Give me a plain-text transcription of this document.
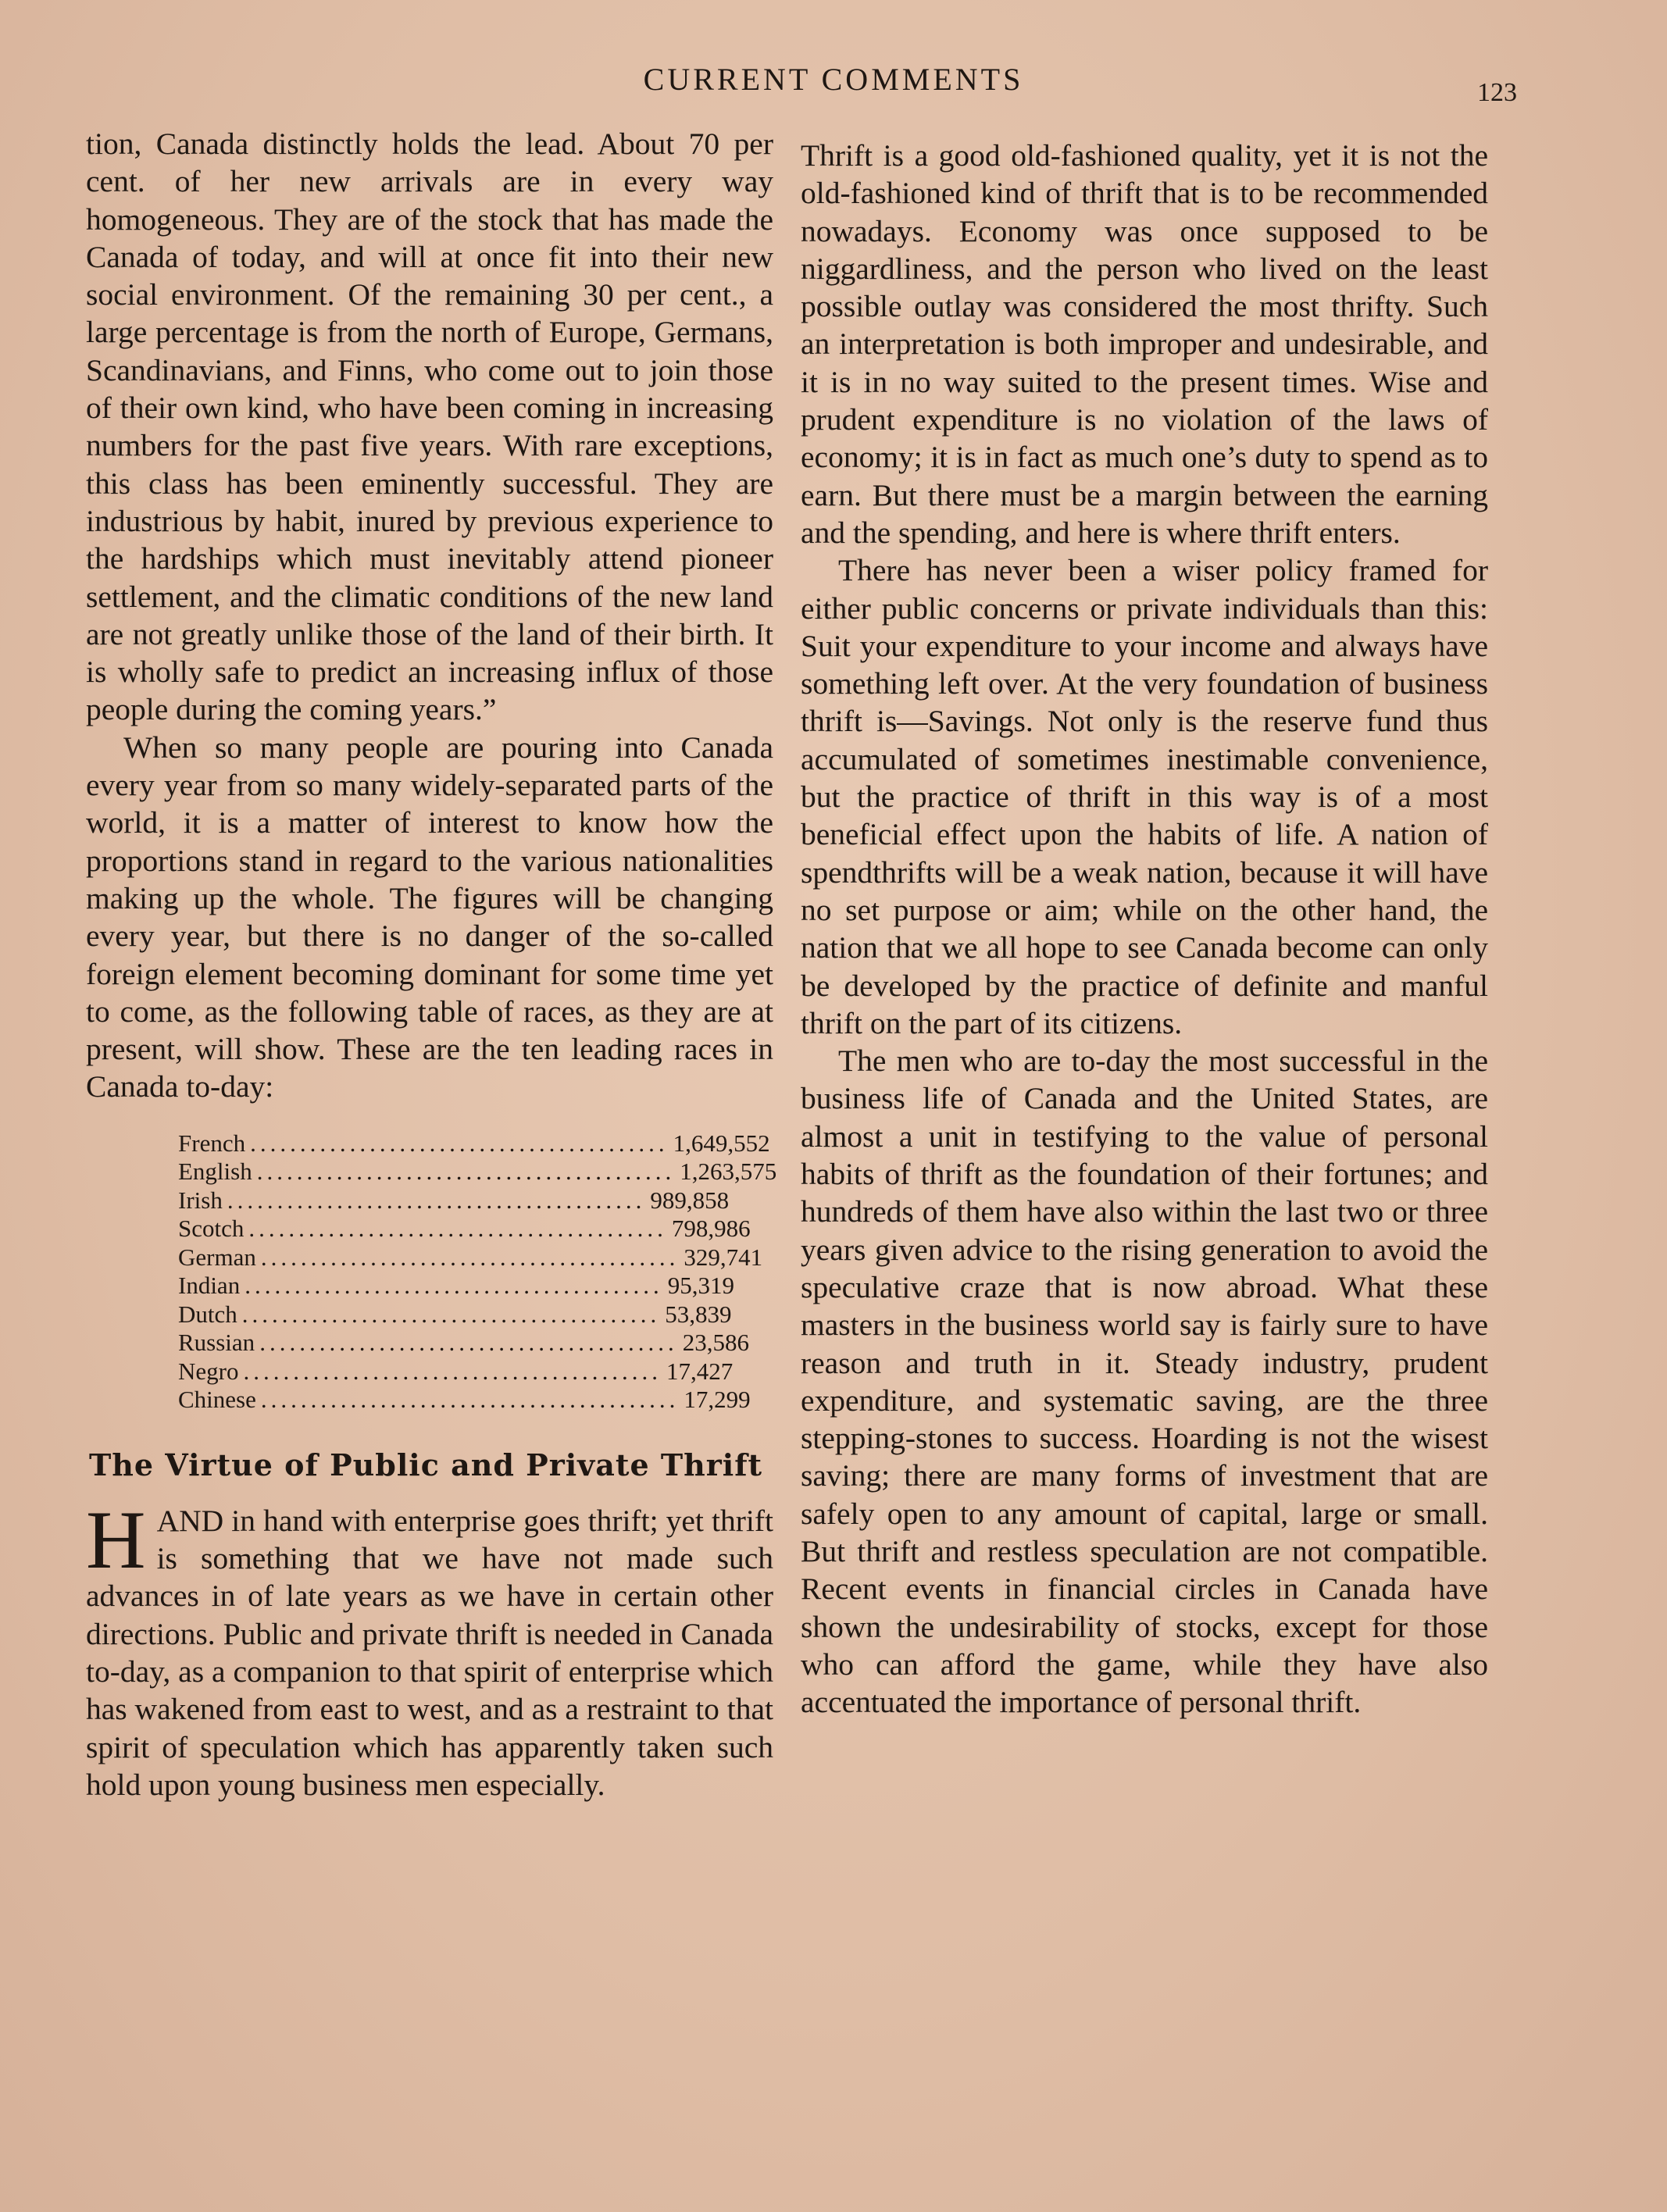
CURRENT COMMENTS	123

tion, Canada distinctly holds the lead. About 70 per cent. of her new arrivals are in every way homogeneous. They are of the stock that has made the Canada of today, and will at once fit into their new social environment. Of the remaining 30 per cent., a large percentage is from the north of Europe, Germans, Scandinavians, and Finns, who come out to join those of their own kind, who have been coming in increasing numbers for the past five years. With rare exceptions, this class has been eminently successful. They are industrious by habit, inured by previous experience to the hardships which must inevitably attend pioneer settlement, and the climatic conditions of the new land are not greatly unlike those of the land of their birth. It is wholly safe to predict an increasing influx of those people during the coming years.”

When so many people are pouring into Canada every year from so many widely-separated parts of the world, it is a matter of interest to know how the proportions stand in regard to the various nationalities making up the whole. The figures will be changing every year, but there is no danger of the so-called foreign element becoming dominant for some time yet to come, as the following table of races, as they are at present, will show. These are the ten leading races in Canada to-day:

French .......................................... 1,649,552
English .......................................... 1,263,575
Irish .......................................... 989,858
Scotch .......................................... 798,986
German .......................................... 329,741
Indian .......................................... 95,319
Dutch .......................................... 53,839
Russian .......................................... 23,586
Negro .......................................... 17,427
Chinese .......................................... 17,299
The Virtue of Public and Private Thrift

HAND in hand with enterprise goes thrift; yet thrift is something that we have not made such advances in of late years as we have in certain other directions. Public and private thrift is needed in Canada to-day, as a companion to that spirit of enterprise which has wakened from east to west, and as a restraint to that spirit of speculation which has apparently taken such hold upon young business men especially.

Thrift is a good old-fashioned quality, yet it is not the old-fashioned kind of thrift that is to be recommended nowadays. Economy was once supposed to be niggardliness, and the person who lived on the least possible outlay was considered the most thrifty. Such an interpretation is both improper and undesirable, and it is in no way suited to the present times. Wise and prudent expenditure is no violation of the laws of economy; it is in fact as much one’s duty to spend as to earn. But there must be a margin between the earning and the spending, and here is where thrift enters.

There has never been a wiser policy framed for either public concerns or private individuals than this: Suit your expenditure to your income and always have something left over. At the very foundation of business thrift is—Savings. Not only is the reserve fund thus accumulated of sometimes inestimable convenience, but the practice of thrift in this way is of a most beneficial effect upon the habits of life. A nation of spendthrifts will be a weak nation, because it will have no set purpose or aim; while on the other hand, the nation that we all hope to see Canada become can only be developed by the practice of definite and manful thrift on the part of its citizens.

The men who are to-day the most successful in the business life of Canada and the United States, are almost a unit in testifying to the value of personal habits of thrift as the foundation of their fortunes; and hundreds of them have also within the last two or three years given advice to the rising generation to avoid the speculative craze that is now abroad. What these masters in the business world say is fairly sure to have reason and truth in it. Steady industry, prudent expenditure, and systematic saving, are the three stepping-stones to success. Hoarding is not the wisest saving; there are many forms of investment that are safely open to any amount of capital, large or small. But thrift and restless speculation are not compatible. Recent events in financial circles in Canada have shown the undesirability of stocks, except for those who can afford the game, while they have also accentuated the importance of personal thrift.
